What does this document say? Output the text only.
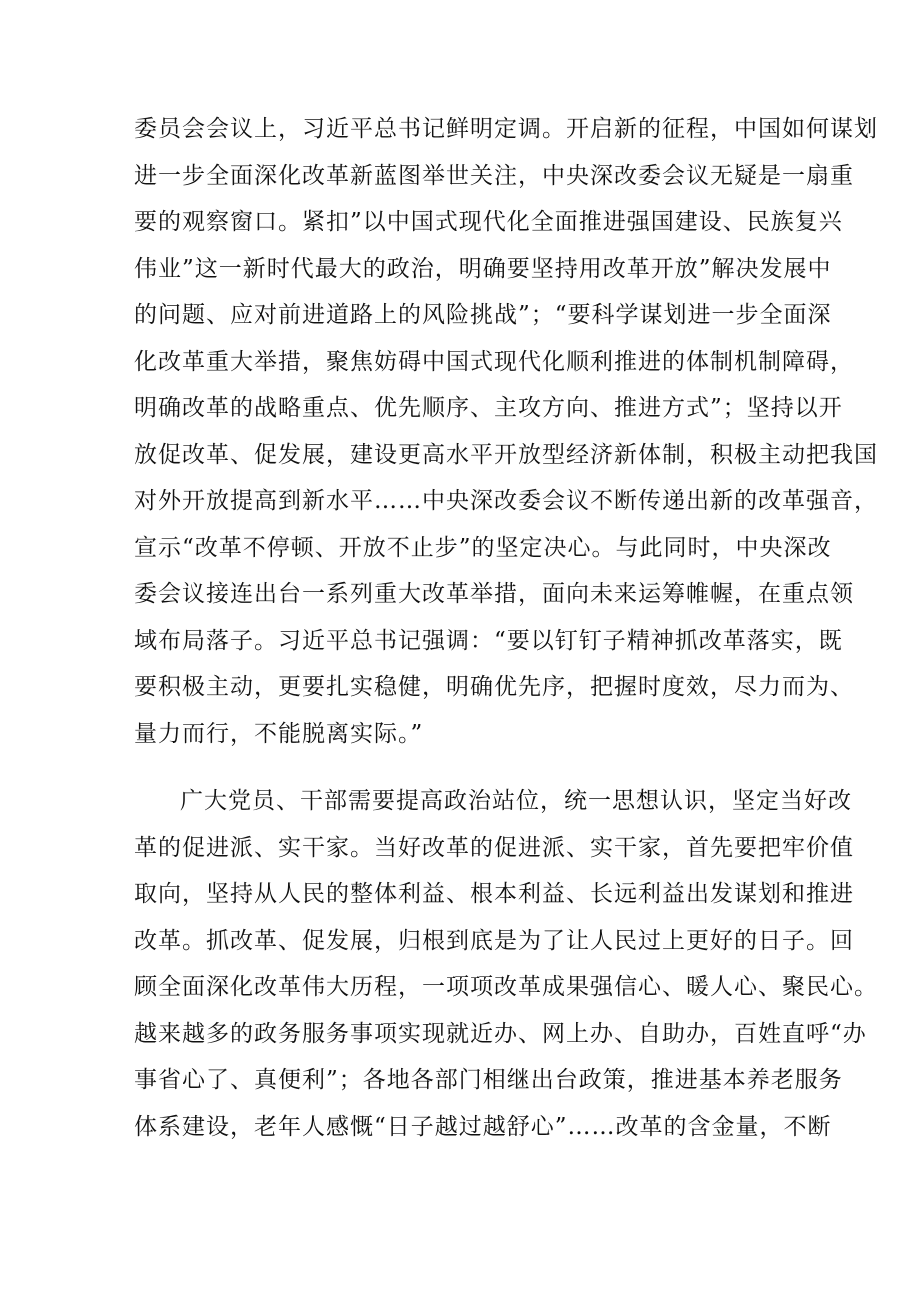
委员会会议上，习近平总书记鲜明定调。开启新的征程，中国如何谋划
进一步全面深化改革新蓝图举世关注，中央深改委会议无疑是一扇重
要的观察窗口。紧扣”以中国式现代化全面推进强国建设、民族复兴
伟业”这一新时代最大的政治，明确要坚持用改革开放”解决发展中
的问题、应对前进道路上的风险挑战”；“要科学谋划进一步全面深
化改革重大举措，聚焦妨碍中国式现代化顺利推进的体制机制障碍，
明确改革的战略重点、优先顺序、主攻方向、推进方式”；坚持以开
放促改革、促发展，建设更高水平开放型经济新体制，积极主动把我国
对外开放提高到新水平……中央深改委会议不断传递出新的改革强音，
宣示“改革不停顿、开放不止步”的坚定决心。与此同时，中央深改
委会议接连出台一系列重大改革举措，面向未来运筹帷幄，在重点领
域布局落子。习近平总书记强调：“要以钉钉子精神抓改革落实，既
要积极主动，更要扎实稳健，明确优先序，把握时度效，尽力而为、
量力而行，不能脱离实际。”
广大党员、干部需要提高政治站位，统一思想认识，坚定当好改
革的促进派、实干家。当好改革的促进派、实干家，首先要把牢价值
取向，坚持从人民的整体利益、根本利益、长远利益出发谋划和推进
改革。抓改革、促发展，归根到底是为了让人民过上更好的日子。回
顾全面深化改革伟大历程，一项项改革成果强信心、暖人心、聚民心。
越来越多的政务服务事项实现就近办、网上办、自助办，百姓直呼“办
事省心了、真便利”；各地各部门相继出台政策，推进基本养老服务
体系建设，老年人感慨“日子越过越舒心”……改革的含金量，不断
